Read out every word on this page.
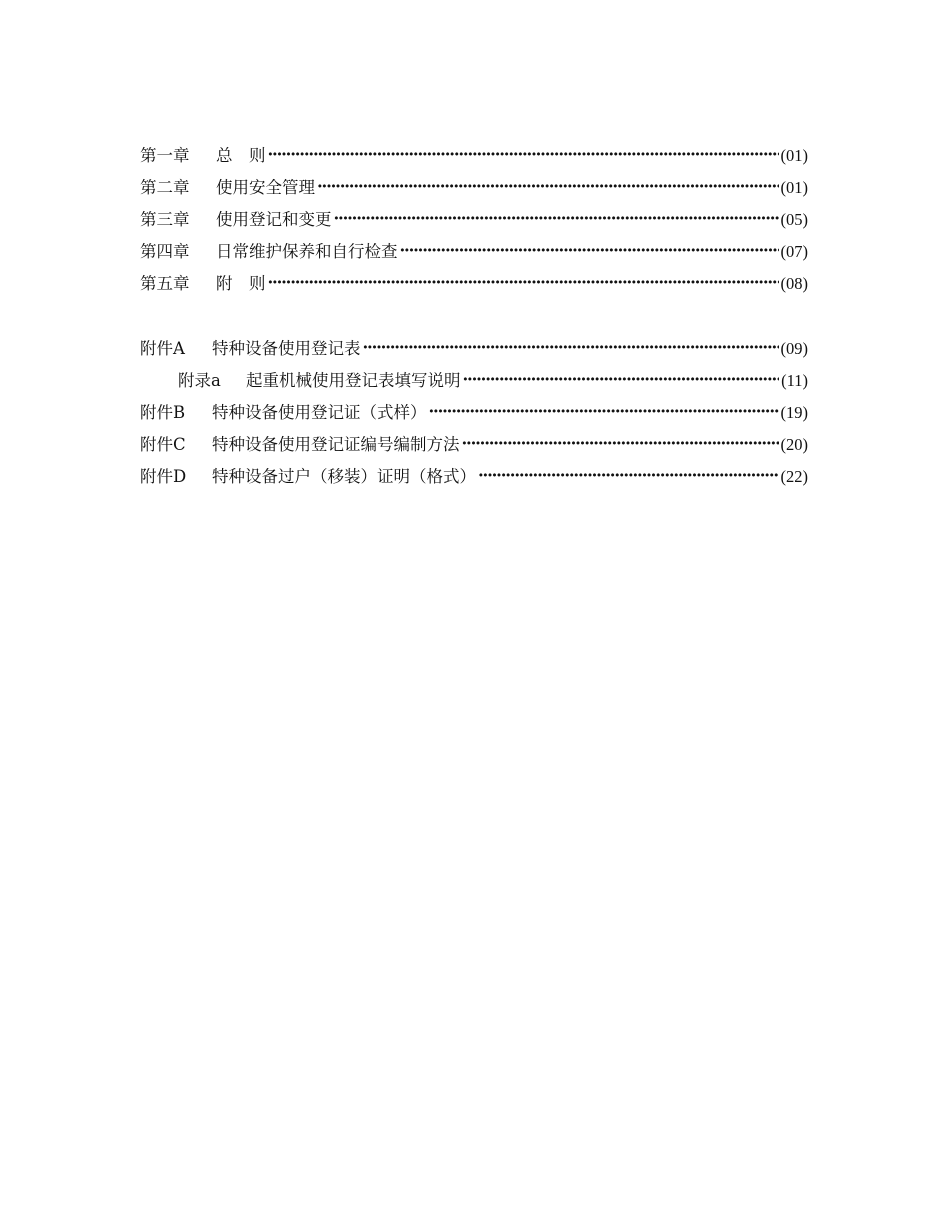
第一章	总　则 ·····	(01)
第二章	使用安全管理 ·····	(01)
第三章	使用登记和变更 ·····	(05)
第四章	日常维护保养和自行检查 ·····	(07)
第五章	附　则 ·····	(08)
附件A	特种设备使用登记表 ·····	(09)
附录a	起重机械使用登记表填写说明 ·····	(11)
附件B	特种设备使用登记证（式样） ·····	(19)
附件C	特种设备使用登记证编号编制方法 ·····	(20)
附件D	特种设备过户（移装）证明（格式） ·····	(22)
